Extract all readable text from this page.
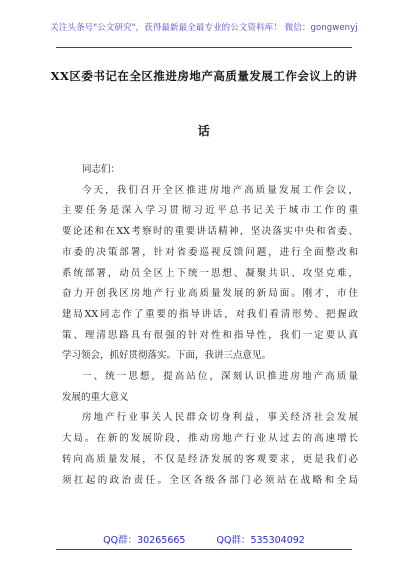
关注头条号"公文研究"，获得最新最全最专业的公文资料库！ 微信：gongwenyj
XX区委书记在全区推进房地产高质量发展工作会议上的讲
话
同志们：
今天，我们召开全区推进房地产高质量发展工作会议，
主要任务是深入学习贯彻习近平总书记关于城市工作的重
要论述和在XX考察时的重要讲话精神，坚决落实中央和省委、
市委的决策部署，针对省委巡视反馈问题，进行全面整改和
系统部署，动员全区上下统一思想、凝聚共识、攻坚克难，
奋力开创我区房地产行业高质量发展的新局面。刚才，市住
建局XX同志作了重要的指导讲话，对我们看清形势、把握政
策、理清思路具有很强的针对性和指导性，我们一定要认真
学习领会，抓好贯彻落实。下面，我讲三点意见。
一、统一思想，提高站位，深刻认识推进房地产高质量
发展的重大意义
房地产行业事关人民群众切身利益，事关经济社会发展
大局。在新的发展阶段，推动房地产行业从过去的高速增长
转向高质量发展，不仅是经济发展的客观要求，更是我们必
须扛起的政治责任。全区各级各部门必须站在战略和全局
QQ群：30265665	QQ群：535304092
